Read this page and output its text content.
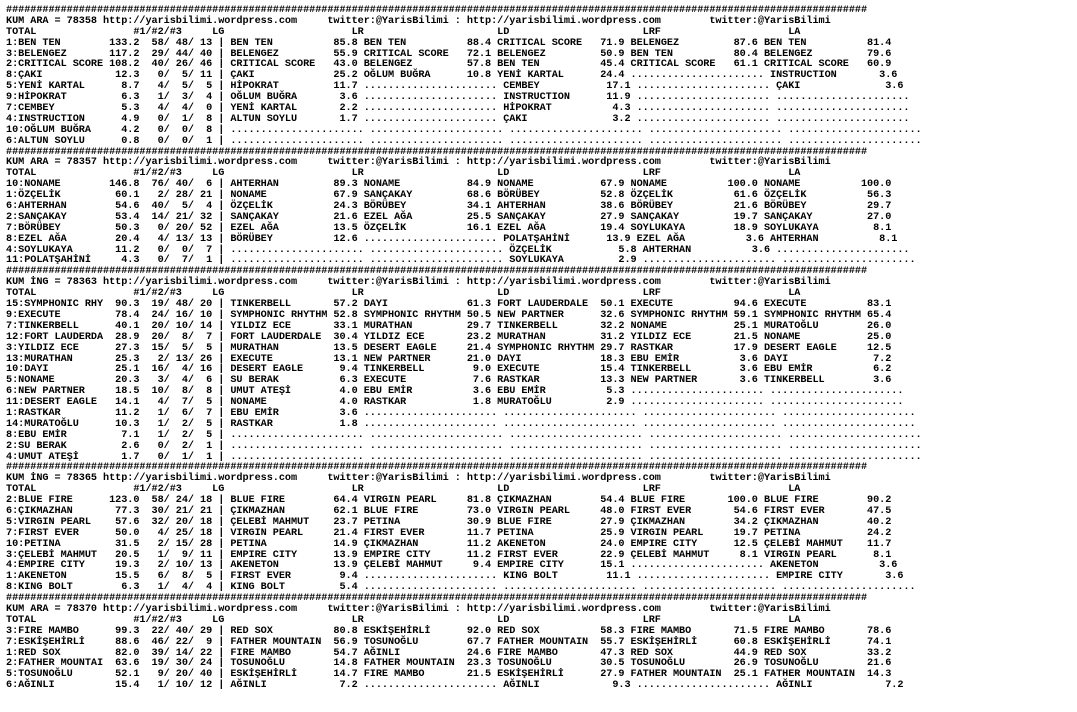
##############################################################################################################################################
KUM ARA = 78358 http://yarisbilimi.wordpress.com     twitter:@YarisBilimi : http://yarisbilimi.wordpress.com        twitter:@YarisBilimi
TOTAL                #1/#2/#3     LG                     LR                      LD                      LRF                     LA
1:BEN TEN        133.2  58/ 48/ 13 | BEN TEN          85.8 BEN TEN          88.4 CRITICAL SCORE   71.9 BELENGEZ         87.6 BEN TEN          81.4
3:BELENGEZ       117.2  29/ 44/ 40 | BELENGEZ         55.9 CRITICAL SCORE   72.1 BELENGEZ         50.9 BEN TEN          80.4 BELENGEZ         79.6
2:CRITICAL SCORE 108.2  40/ 26/ 46 | CRITICAL SCORE   43.0 BELENGEZ         57.8 BEN TEN          45.4 CRITICAL SCORE   61.1 CRITICAL SCORE   60.9
8:ÇAKI            12.3   0/  5/ 11 | ÇAKI             25.2 OĞLUM BUĞRA      10.8 YENİ KARTAL      24.4 ...................... INSTRUCTION       3.6
5:YENİ KARTAL      8.7   4/  5/  5 | HİPOKRAT         11.7 ...................... CEMBEY           17.1 ...................... ÇAKI              3.6
9:HİPOKRAT         6.3   1/  3/  4 | OĞLUM BUĞRA       3.6 ...................... INSTRUCTION      11.9 ...................... ......................
7:CEMBEY           5.3   4/  4/  0 | YENİ KARTAL       2.2 ...................... HİPOKRAT          4.3 ...................... ......................
4:INSTRUCTION      4.9   0/  1/  8 | ALTUN SOYLU       1.7 ...................... ÇAKI              3.2 ...................... ......................
10:OĞLUM BUĞRA     4.2   0/  0/  8 | ...................... ...................... ...................... ...................... ......................
6:ALTUN SOYLU      0.8   0/  0/  1 | ...................... ...................... ...................... ...................... ......................
##############################################################################################################################################
KUM ARA = 78357 http://yarisbilimi.wordpress.com     twitter:@YarisBilimi : http://yarisbilimi.wordpress.com        twitter:@YarisBilimi
TOTAL                #1/#2/#3     LG                     LR                      LD                      LRF                     LA
10:NONAME        146.8  76/ 40/  6 | AHTERHAN         89.3 NONAME           84.9 NONAME           67.9 NONAME          100.0 NONAME          100.0
1:ÖZÇELİK         60.1   2/ 28/ 21 | NONAME           67.9 SANÇAKAY         68.6 BÖRÜBEY          52.8 ÖZÇELİK          61.6 ÖZÇELİK          56.3
6:AHTERHAN        54.6  40/  5/  4 | ÖZÇELİK          24.3 BÖRÜBEY          34.1 AHTERHAN         38.6 BÖRÜBEY          21.6 BÖRÜBEY          29.7
2:SANÇAKAY        53.4  14/ 21/ 32 | SANÇAKAY         21.6 EZEL AĞA         25.5 SANÇAKAY         27.9 SANÇAKAY         19.7 SANÇAKAY         27.0
7:BÖRÜBEY         50.3   0/ 20/ 52 | EZEL AĞA         13.5 ÖZÇELİK          16.1 EZEL AĞA         19.4 SOYLUKAYA        18.9 SOYLUKAYA         8.1
8:EZEL AĞA        20.4   4/ 13/ 13 | BÖRÜBEY          12.6 ...................... POLATŞAHİNİ      13.9 EZEL AĞA          3.6 AHTERHAN          8.1
4:SOYLUKAYA       11.2   0/  0/  7 | ...................... ...................... ÖZÇELİK           5.8 AHTERHAN          3.6 ......................
11:POLATŞAHİNİ     4.3   0/  7/  1 | ...................... ...................... SOYLUKAYA         2.9 ...................... ......................
##############################################################################################################################################
KUM İNG = 78363 http://yarisbilimi.wordpress.com     twitter:@YarisBilimi : http://yarisbilimi.wordpress.com        twitter:@YarisBilimi
TOTAL                #1/#2/#3     LG                     LR                      LD                      LRF                     LA
15:SYMPHONIC RHY  90.3  19/ 48/ 20 | TINKERBELL       57.2 DAYI             61.3 FORT LAUDERDALE  50.1 EXECUTE          94.6 EXECUTE          83.1
9:EXECUTE         78.4  24/ 16/ 10 | SYMPHONIC RHYTHM 52.8 SYMPHONIC RHYTHM 50.5 NEW PARTNER      32.6 SYMPHONIC RHYTHM 59.1 SYMPHONIC RHYTHM 65.4
7:TINKERBELL      40.1  20/ 10/ 14 | YILDIZ ECE       33.1 MURATHAN         29.7 TINKERBELL       32.2 NONAME           25.1 MURATOĞLU        26.0
12:FORT LAUDERDA  28.9  20/  8/  7 | FORT LAUDERDALE  30.4 YILDIZ ECE       23.2 MURATHAN         31.2 YILDIZ ECE       21.5 NONAME           25.0
3:YILDIZ ECE      27.3  15/  5/  5 | MURATHAN         13.5 DESERT EAGLE     21.4 SYMPHONIC RHYTHM 29.7 RASTKAR          17.9 DESERT EAGLE     12.5
13:MURATHAN       25.3   2/ 13/ 26 | EXECUTE          13.1 NEW PARTNER      21.0 DAYI             18.3 EBU EMİR          3.6 DAYI              7.2
10:DAYI           25.1  16/  4/ 16 | DESERT EAGLE      9.4 TINKERBELL        9.0 EXECUTE          15.4 TINKERBELL        3.6 EBU EMİR          6.2
5:NONAME          20.3   3/  4/  6 | SU BERAK          6.3 EXECUTE           7.6 RASTKAR          13.3 NEW PARTNER       3.6 TINKERBELL        3.6
6:NEW PARTNER     18.5  10/  8/  8 | UMUT ATEŞİ        4.0 EBU EMİR          3.6 EBU EMİR          5.3 ...................... ......................
11:DESERT EAGLE   14.1   4/  7/  5 | NONAME            4.0 RASTKAR           1.8 MURATOĞLU         2.9 ...................... ......................
1:RASTKAR         11.2   1/  6/  7 | EBU EMİR          3.6 ...................... ...................... ...................... ......................
14:MURATOĞLU      10.3   1/  2/  5 | RASTKAR           1.8 ...................... ...................... ...................... ......................
8:EBU EMİR         7.1   1/  2/  5 | ...................... ...................... ...................... ...................... ......................
2:SU BERAK         2.6   0/  2/  1 | ...................... ...................... ...................... ...................... ......................
4:UMUT ATEŞİ       1.7   0/  1/  1 | ...................... ...................... ...................... ...................... ......................
##############################################################################################################################################
KUM İNG = 78365 http://yarisbilimi.wordpress.com     twitter:@YarisBilimi : http://yarisbilimi.wordpress.com        twitter:@YarisBilimi
TOTAL                #1/#2/#3     LG                     LR                      LD                      LRF                     LA
2:BLUE FIRE      123.0  58/ 24/ 18 | BLUE FIRE        64.4 VIRGIN PEARL     81.8 ÇIKMAZHAN        54.4 BLUE FIRE       100.0 BLUE FIRE        90.2
6:ÇIKMAZHAN       77.3  30/ 21/ 21 | ÇIKMAZHAN        62.1 BLUE FIRE        73.0 VIRGIN PEARL     48.0 FIRST EVER       54.6 FIRST EVER       47.5
5:VIRGIN PEARL    57.6  32/ 20/ 18 | ÇELEBİ MAHMUT    23.7 PETINA           30.9 BLUE FIRE        27.9 ÇIKMAZHAN        34.2 ÇIKMAZHAN        40.2
7:FIRST EVER      50.0   4/ 25/ 18 | VIRGIN PEARL     21.4 FIRST EVER       11.7 PETINA           25.9 VIRGIN PEARL     19.7 PETINA           24.2
10:PETINA         31.5   2/ 15/ 28 | PETINA           14.9 ÇIKMAZHAN        11.2 AKENETON         24.0 EMPIRE CITY      12.5 ÇELEBİ MAHMUT    11.7
3:ÇELEBİ MAHMUT   20.5   1/  9/ 11 | EMPIRE CITY      13.9 EMPIRE CITY      11.2 FIRST EVER       22.9 ÇELEBİ MAHMUT     8.1 VIRGIN PEARL      8.1
4:EMPIRE CITY     19.3   2/ 10/ 13 | AKENETON         13.9 ÇELEBİ MAHMUT     9.4 EMPIRE CITY      15.1 ...................... AKENETON          3.6
1:AKENETON        15.5   6/  8/  5 | FIRST EVER        9.4 ...................... KING BOLT        11.1 ...................... EMPIRE CITY       3.6
8:KING BOLT        6.3   1/  4/  4 | KING BOLT         5.4 ...................... ...................... ...................... ......................
##############################################################################################################################################
KUM ARA = 78370 http://yarisbilimi.wordpress.com     twitter:@YarisBilimi : http://yarisbilimi.wordpress.com        twitter:@YarisBilimi
TOTAL                #1/#2/#3     LG                     LR                      LD                      LRF                     LA
3:FIRE MAMBO      99.3  22/ 40/ 29 | RED SOX          80.8 ESKİŞEHİRLİ      92.0 RED SOX          58.3 FIRE MAMBO       71.5 FIRE MAMBO       78.6
7:ESKİŞEHİRLİ     88.6  46/ 22/  9 | FATHER MOUNTAIN  56.9 TOSUNOĞLU        67.7 FATHER MOUNTAIN  55.7 ESKİŞEHİRLİ      60.8 ESKİŞEHİRLİ      74.1
1:RED SOX         82.0  39/ 14/ 22 | FIRE MAMBO       54.7 AĞINLI           24.6 FIRE MAMBO       47.3 RED SOX          44.9 RED SOX          33.2
2:FATHER MOUNTAI  63.6  19/ 30/ 24 | TOSUNOĞLU        14.8 FATHER MOUNTAIN  23.3 TOSUNOĞLU        30.5 TOSUNOĞLU        26.9 TOSUNOĞLU        21.6
5:TOSUNOĞLU       52.1   9/ 20/ 40 | ESKİŞEHİRLİ      14.7 FIRE MAMBO       21.5 ESKİŞEHİRLİ      27.9 FATHER MOUNTAIN  25.1 FATHER MOUNTAIN  14.3
6:AĞINLI          15.4   1/ 10/ 12 | AĞINLI            7.2 ...................... AĞINLI            9.3 ...................... AĞINLI            7.2
